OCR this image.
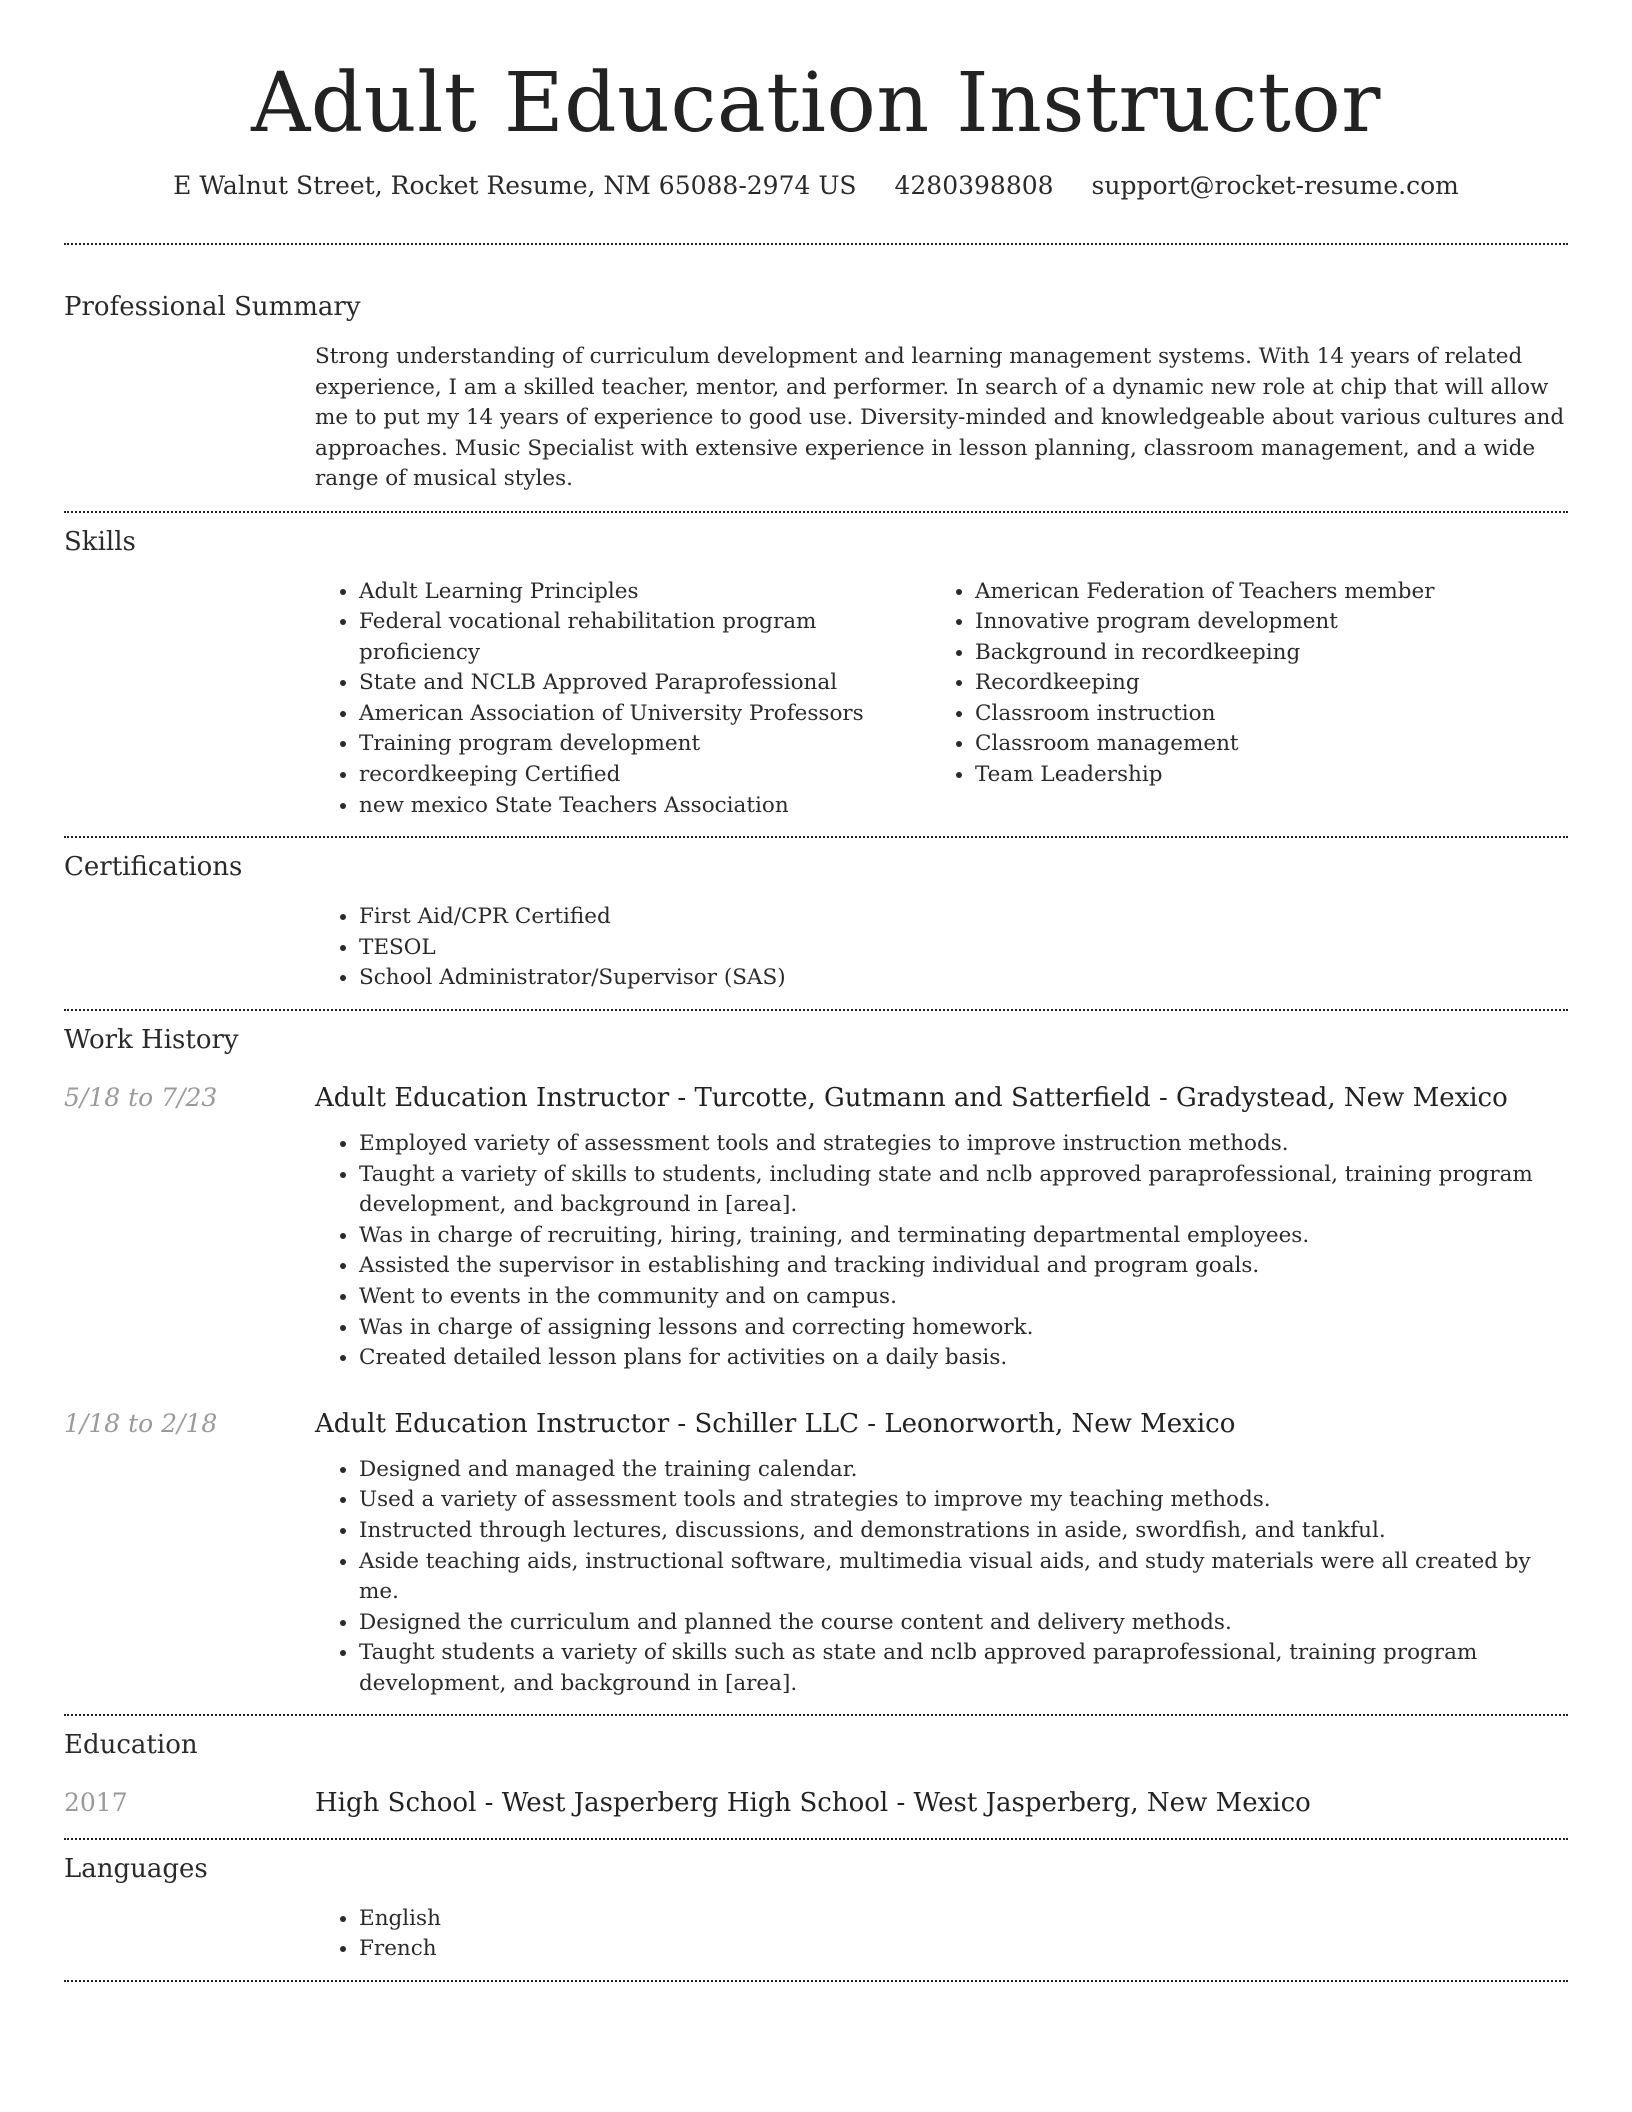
Adult Education Instructor
E Walnut Street, Rocket Resume, NM 65088-2974 US 4280398808 support@rocket-resume.com
Professional Summary
Strong understanding of curriculum development and learning management systems. With 14 years of related experience, I am a skilled teacher, mentor, and performer. In search of a dynamic new role at chip that will allow me to put my 14 years of experience to good use. Diversity-minded and knowledgeable about various cultures and approaches. Music Specialist with extensive experience in lesson planning, classroom management, and a wide range of musical styles.
Skills
• Adult Learning Principles
• Federal vocational rehabilitation program proficiency
• State and NCLB Approved Paraprofessional
• American Association of University Professors
• Training program development
• recordkeeping Certified
• new mexico State Teachers Association
• American Federation of Teachers member
• Innovative program development
• Background in recordkeeping
• Recordkeeping
• Classroom instruction
• Classroom management
• Team Leadership
Certifications
• First Aid/CPR Certified
• TESOL
• School Administrator/Supervisor (SAS)
Work History
5/18 to 7/23	Adult Education Instructor - Turcotte, Gutmann and Satterfield - Gradystead, New Mexico
• Employed variety of assessment tools and strategies to improve instruction methods.
• Taught a variety of skills to students, including state and nclb approved paraprofessional, training program development, and background in [area].
• Was in charge of recruiting, hiring, training, and terminating departmental employees.
• Assisted the supervisor in establishing and tracking individual and program goals.
• Went to events in the community and on campus.
• Was in charge of assigning lessons and correcting homework.
• Created detailed lesson plans for activities on a daily basis.
1/18 to 2/18	Adult Education Instructor - Schiller LLC - Leonorworth, New Mexico
• Designed and managed the training calendar.
• Used a variety of assessment tools and strategies to improve my teaching methods.
• Instructed through lectures, discussions, and demonstrations in aside, swordfish, and tankful.
• Aside teaching aids, instructional software, multimedia visual aids, and study materials were all created by me.
• Designed the curriculum and planned the course content and delivery methods.
• Taught students a variety of skills such as state and nclb approved paraprofessional, training program development, and background in [area].
Education
2017	High School - West Jasperberg High School - West Jasperberg, New Mexico
Languages
• English
• French
